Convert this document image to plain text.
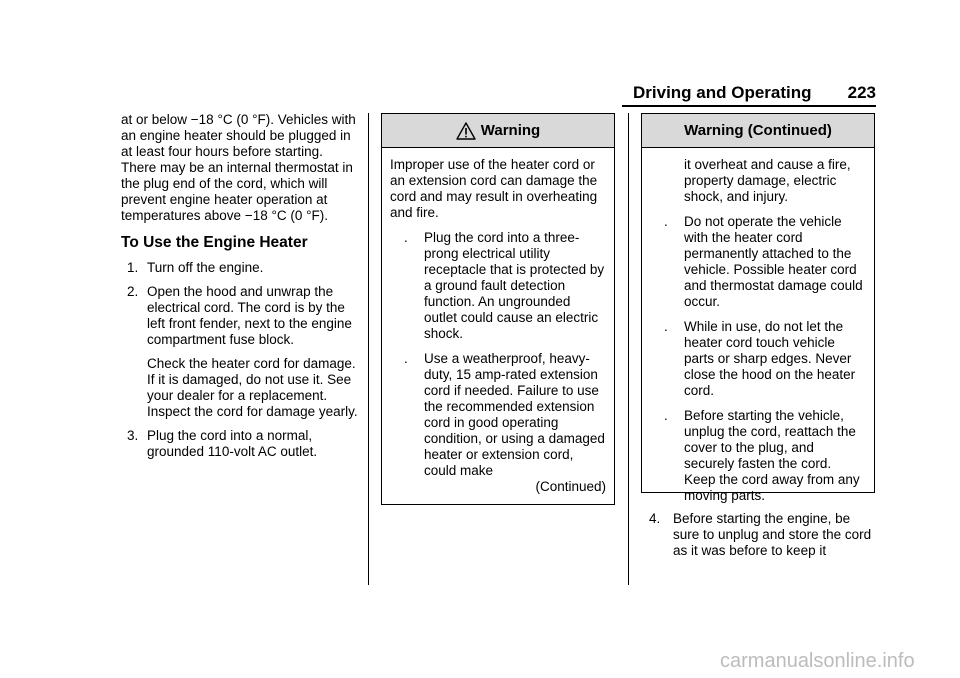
Driving and Operating 223

at or below −18 °C (0 °F). Vehicles with an engine heater should be plugged in at least four hours before starting. There may be an internal thermostat in the plug end of the cord, which will prevent engine heater operation at temperatures above −18 °C (0 °F).

To Use the Engine Heater

1. Turn off the engine.

2. Open the hood and unwrap the electrical cord. The cord is by the left front fender, next to the engine compartment fuse block.

Check the heater cord for damage. If it is damaged, do not use it. See your dealer for a replacement. Inspect the cord for damage yearly.

3. Plug the cord into a normal, grounded 110-volt AC outlet.

Warning

Improper use of the heater cord or an extension cord can damage the cord and may result in overheating and fire.

. Plug the cord into a three-prong electrical utility receptacle that is protected by a ground fault detection function. An ungrounded outlet could cause an electric shock.

. Use a weatherproof, heavy-duty, 15 amp-rated extension cord if needed. Failure to use the recommended extension cord in good operating condition, or using a damaged heater or extension cord, could make

(Continued)

Warning (Continued)

it overheat and cause a fire, property damage, electric shock, and injury.

. Do not operate the vehicle with the heater cord permanently attached to the vehicle. Possible heater cord and thermostat damage could occur.

. While in use, do not let the heater cord touch vehicle parts or sharp edges. Never close the hood on the heater cord.

. Before starting the vehicle, unplug the cord, reattach the cover to the plug, and securely fasten the cord. Keep the cord away from any moving parts.

4. Before starting the engine, be sure to unplug and store the cord as it was before to keep it

carmanualsonline.info
